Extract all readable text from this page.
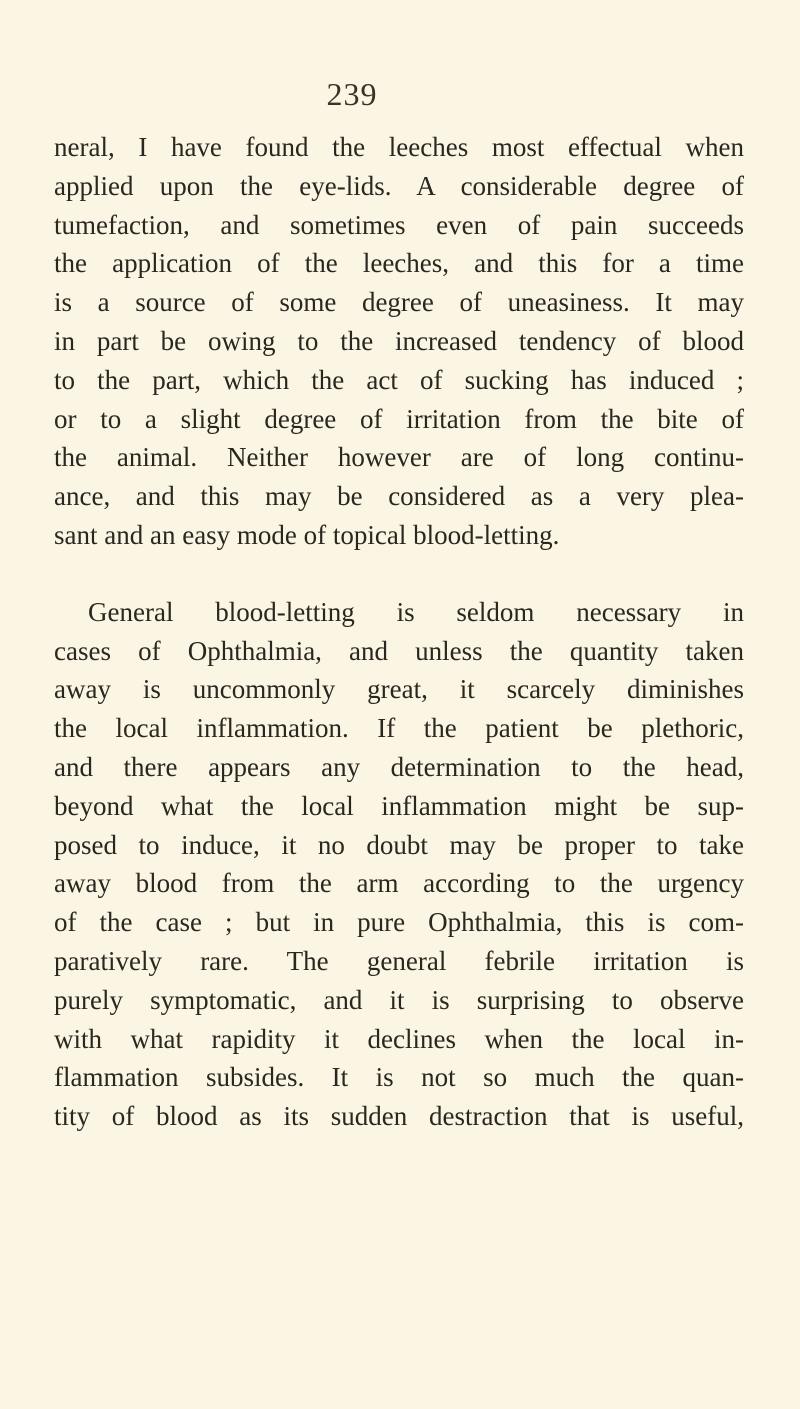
239
neral, I have found the leeches most effectual when
applied upon the eye-lids. A considerable degree of
tumefaction, and sometimes even of pain succeeds
the application of the leeches, and this for a time
is a source of some degree of uneasiness. It may
in part be owing to the increased tendency of blood
to the part, which the act of sucking has induced ;
or to a slight degree of irritation from the bite of
the animal. Neither however are of long continu-
ance, and this may be considered as a very plea-
sant and an easy mode of topical blood-letting.
General blood-letting is seldom necessary in
cases of Ophthalmia, and unless the quantity taken
away is uncommonly great, it scarcely diminishes
the local inflammation. If the patient be plethoric,
and there appears any determination to the head,
beyond what the local inflammation might be sup-
posed to induce, it no doubt may be proper to take
away blood from the arm according to the urgency
of the case ; but in pure Ophthalmia, this is com-
paratively rare. The general febrile irritation is
purely symptomatic, and it is surprising to observe
with what rapidity it declines when the local in-
flammation subsides. It is not so much the quan-
tity of blood as its sudden destraction that is useful,
